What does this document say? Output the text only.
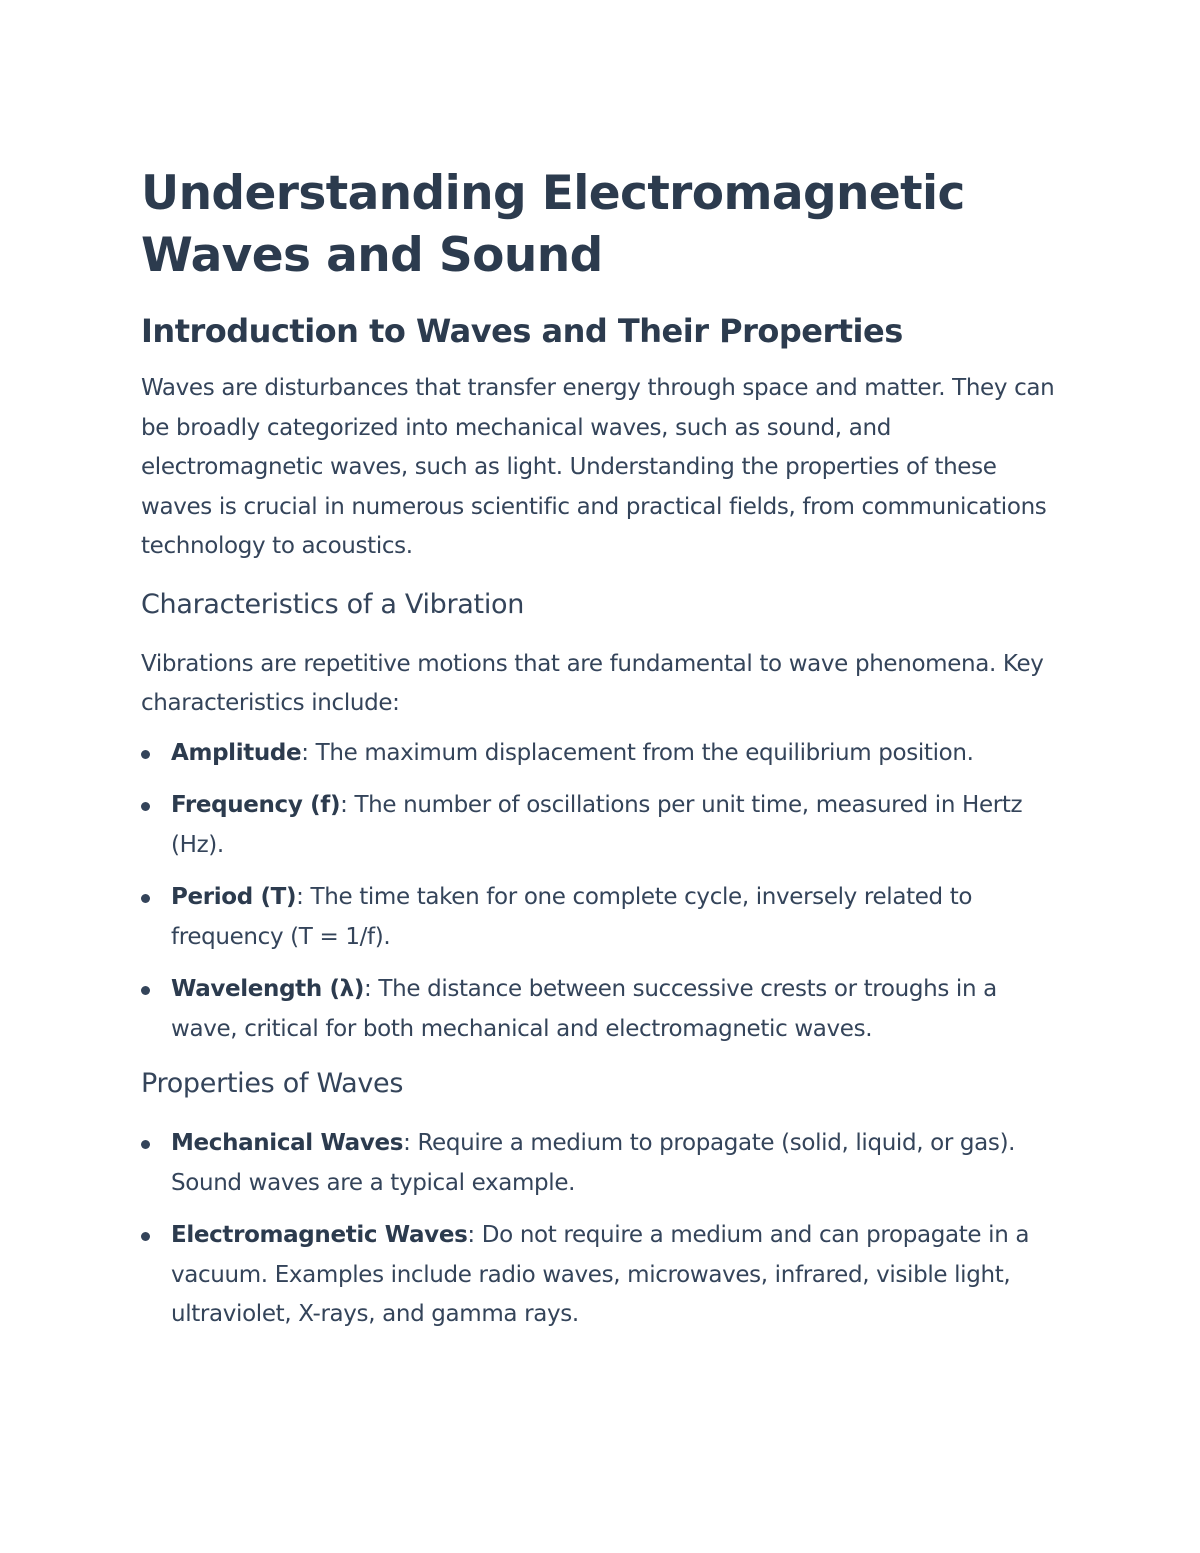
Understanding Electromagnetic Waves and Sound
Introduction to Waves and Their Properties

Waves are disturbances that transfer energy through space and matter. They can be broadly categorized into mechanical waves, such as sound, and electromagnetic waves, such as light. Understanding the properties of these waves is crucial in numerous scientific and practical fields, from communications technology to acoustics.

Characteristics of a Vibration

Vibrations are repetitive motions that are fundamental to wave phenomena. Key characteristics include:

Amplitude: The maximum displacement from the equilibrium position.
Frequency (f): The number of oscillations per unit time, measured in Hertz (Hz).
Period (T): The time taken for one complete cycle, inversely related to frequency (T = 1/f).
Wavelength (λ): The distance between successive crests or troughs in a wave, critical for both mechanical and electromagnetic waves.
Properties of Waves
Mechanical Waves: Require a medium to propagate (solid, liquid, or gas). Sound waves are a typical example.
Electromagnetic Waves: Do not require a medium and can propagate in a vacuum. Examples include radio waves, microwaves, infrared, visible light, ultraviolet, X-rays, and gamma rays.
